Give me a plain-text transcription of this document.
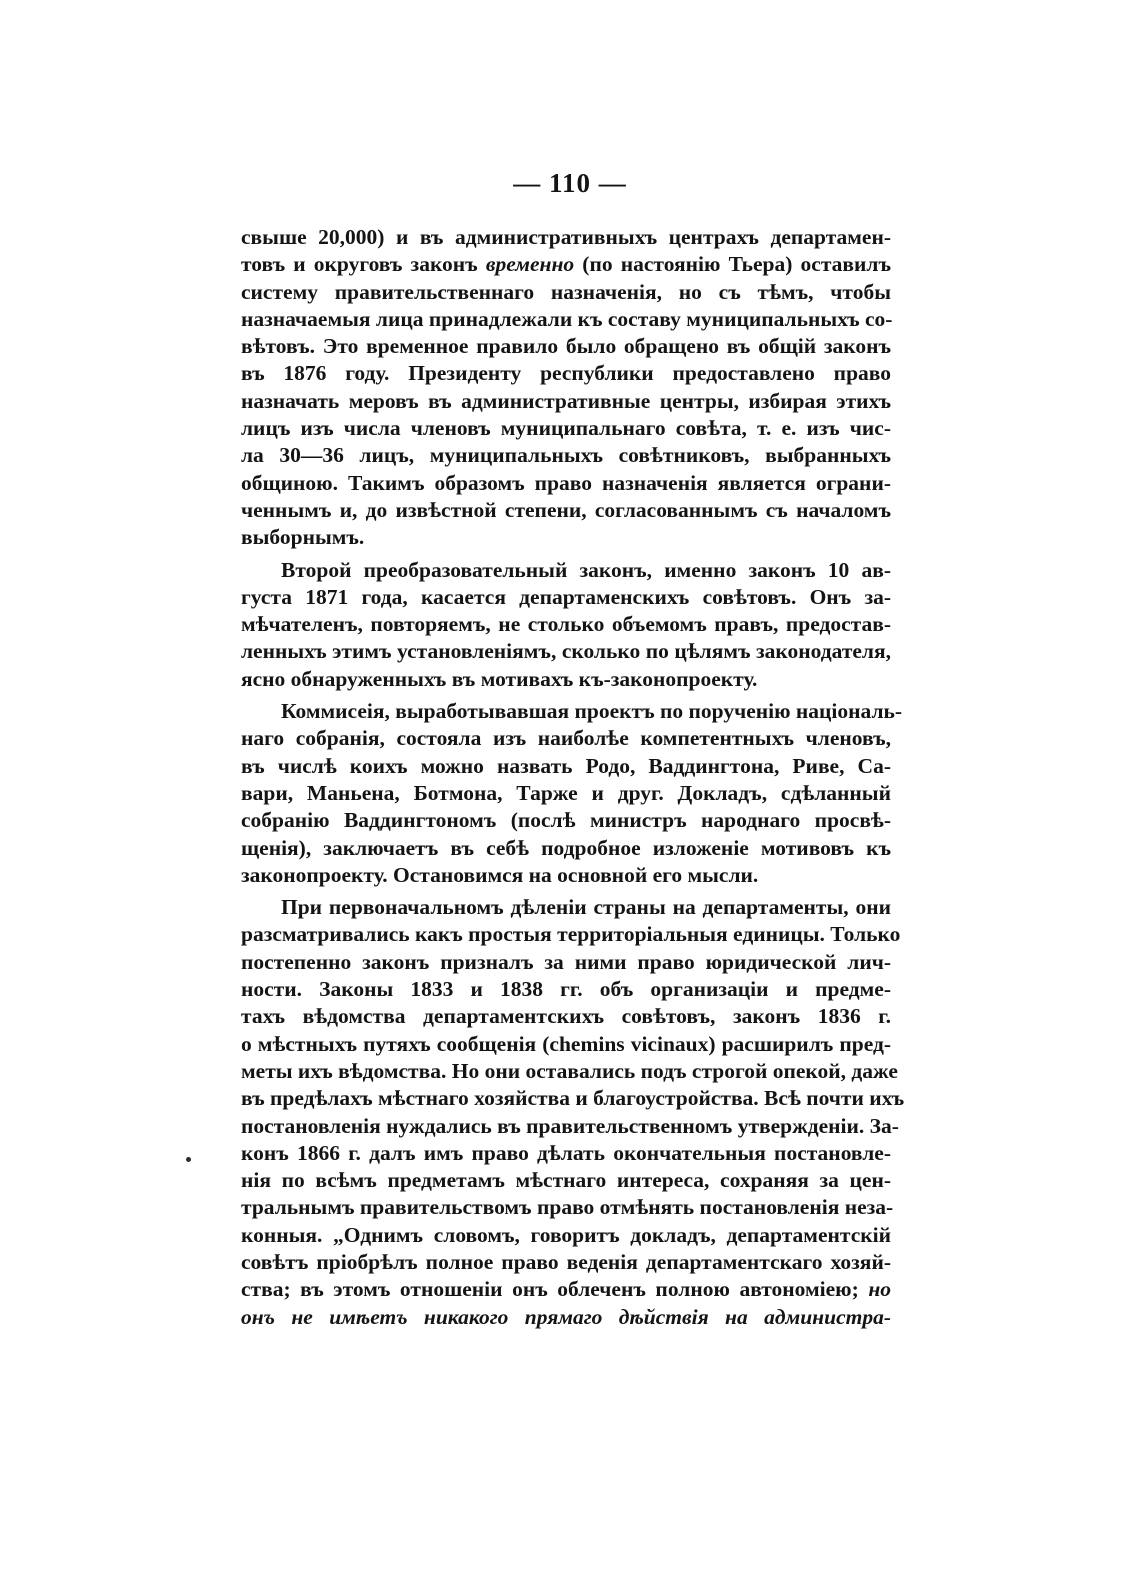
— 110 —
свыше 20,000) и въ административныхъ центрахъ департамен-
товъ и округовъ законъ временно (по настоянію Тьера) оставилъ
систему правительственнаго назначенія, но съ тѣмъ, чтобы
назначаемыя лица принадлежали къ составу муниципальныхъ со-
вѣтовъ. Это временное правило было обращено въ общій законъ
въ 1876 году. Президенту республики предоставлено право
назначать меровъ въ административные центры, избирая этихъ
лицъ изъ числа членовъ муниципальнаго совѣта, т. е. изъ чис-
ла 30—36 лицъ, муниципальныхъ совѣтниковъ, выбранныхъ
общиною. Такимъ образомъ право назначенія является ограни-
ченнымъ и, до извѣстной степени, согласованнымъ съ началомъ
выборнымъ.
Второй преобразовательный законъ, именно законъ 10 ав-
густа 1871 года, касается департаменскихъ совѣтовъ. Онъ за-
мѣчателенъ, повторяемъ, не столько объемомъ правъ, предостав-
ленныхъ этимъ установленіямъ, сколько по цѣлямъ законодателя,
ясно обнаруженныхъ въ мотивахъ къ-законопроекту.
Коммисеія, выработывавшая проектъ по порученію національ-
наго собранія, состояла изъ наиболѣе компетентныхъ членовъ,
въ числѣ коихъ можно назвать Родо, Ваддингтона, Риве, Са-
вари, Маньена, Ботмона, Тарже и друг. Докладъ, сдѣланный
собранію Ваддингтономъ (послѣ министръ народнаго просвѣ-
щенія), заключаетъ въ себѣ подробное изложеніе мотивовъ къ
законопроекту. Остановимся на основной его мысли.
При первоначальномъ дѣленіи страны на департаменты, они
разсматривались какъ простыя территоріальныя единицы. Только
постепенно законъ призналъ за ними право юридической лич-
ности. Законы 1833 и 1838 гг. объ организаціи и предме-
тахъ вѣдомства департаментскихъ совѣтовъ, законъ 1836 г.
о мѣстныхъ путяхъ сообщенія (chemins vicinaux) расширилъ пред-
меты ихъ вѣдомства. Но они оставались подъ строгой опекой, даже
въ предѣлахъ мѣстнаго хозяйства и благоустройства. Всѣ почти ихъ
постановленія нуждались въ правительственномъ утвержденіи. За-
конъ 1866 г. далъ имъ право дѣлать окончательныя постановле-
нія по всѣмъ предметамъ мѣстнаго интереса, сохраняя за цен-
тральнымъ правительствомъ право отмѣнять постановленія неза-
конныя. „Однимъ словомъ, говоритъ докладъ, департаментскій
совѣтъ пріобрѣлъ полное право веденія департаментскаго хозяй-
ства; въ этомъ отношеніи онъ облеченъ полною автономіею; но
онъ не имѣетъ никакого прямаго дѣйствія на администра-
